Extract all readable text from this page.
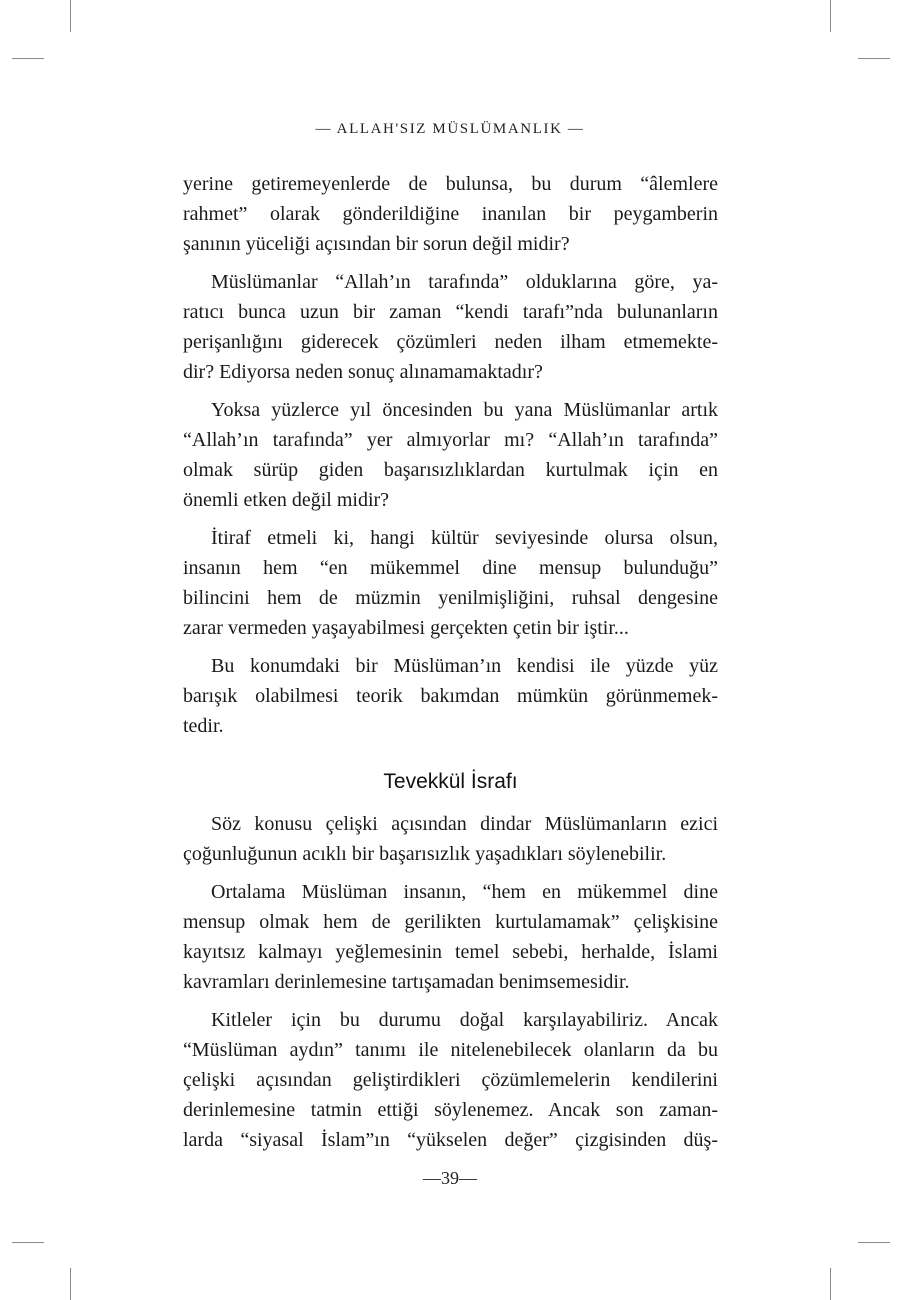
— ALLAH'SIZ MÜSLÜMANLIK —

yerine getiremeyenlerde de bulunsa, bu durum “âlemlere
rahmet” olarak gönderildiğine inanılan bir peygamberin
şanının yüceliği açısından bir sorun değil midir?

Müslümanlar “Allah’ın tarafında” olduklarına göre, ya-
ratıcı bunca uzun bir zaman “kendi tarafı”nda bulunanların
perişanlığını giderecek çözümleri neden ilham etmemekte-
dir? Ediyorsa neden sonuç alınamamaktadır?

Yoksa yüzlerce yıl öncesinden bu yana Müslümanlar artık
“Allah’ın tarafında” yer almıyorlar mı? “Allah’ın tarafında”
olmak sürüp giden başarısızlıklardan kurtulmak için en
önemli etken değil midir?

İtiraf etmeli ki, hangi kültür seviyesinde olursa olsun,
insanın hem “en mükemmel dine mensup bulunduğu”
bilincini hem de müzmin yenilmişliğini, ruhsal dengesine
zarar vermeden yaşayabilmesi gerçekten çetin bir iştir...

Bu konumdaki bir Müslüman’ın kendisi ile yüzde yüz
barışık olabilmesi teorik bakımdan mümkün görünmemek-
tedir.

Tevekkül İsrafı

Söz konusu çelişki açısından dindar Müslümanların ezici
çoğunluğunun acıklı bir başarısızlık yaşadıkları söylenebilir.

Ortalama Müslüman insanın, “hem en mükemmel dine
mensup olmak hem de gerilikten kurtulamamak” çelişkisine
kayıtsız kalmayı yeğlemesinin temel sebebi, herhalde, İslami
kavramları derinlemesine tartışamadan benimsemesidir.

Kitleler için bu durumu doğal karşılayabiliriz. Ancak
“Müslüman aydın” tanımı ile nitelenebilecek olanların da bu
çelişki açısından geliştirdikleri çözümlemelerin kendilerini
derinlemesine tatmin ettiği söylenemez. Ancak son zaman-
larda “siyasal İslam”ın “yükselen değer” çizgisinden düş-

—39—
